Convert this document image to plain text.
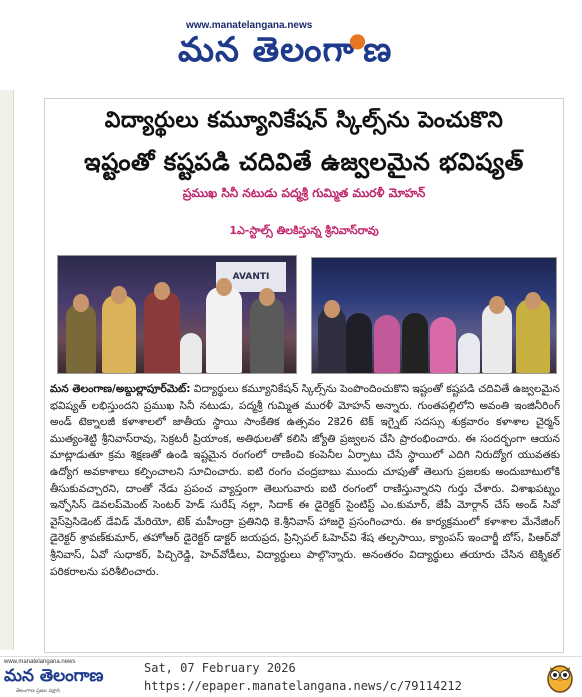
www.manatelangana.news
మన తెలంగా●ణ
విద్యార్థులు కమ్యూనికేషన్ స్కిల్స్‌ను పెంచుకొని
ఇష్టంతో కష్టపడి చదివితే ఉజ్వలమైన భవిష్యత్
ప్రముఖ సినీ నటుడు పద్మశ్రీ గుమ్మిత మురళీ మోహన్
1ఎ-స్టాల్స్ తిలకిస్తున్న శ్రీనివాస్‌రావు
AVANTI
మన తెలంగాణ/అబ్దుల్లాపూర్‌మెట్: విద్యార్థులు కమ్యూనికేషన్ స్కిల్స్‌ను పెంపొందించుకొని ఇష్టంతో కష్టపడి చదివితే ఉజ్వలమైన భవిష్యత్ లభిస్తుందని ప్రముఖ సినీ నటుడు, పద్మశ్రీ గుమ్మిత మురళీ మోహన్ అన్నారు. గుంతపల్లిలోని అవంతి ఇంజినీరింగ్ అండ్ టెక్నాలజీ కళాశాలలో జాతీయ స్థాయి సాంకేతిక ఉత్సవం 2కె26 టెక్ ఇగ్నైట్ సదస్సు శుక్రవారం కళాశాల చైర్మన్ ముత్యంశెట్టి శ్రీనివాస్‌రావు, సెక్రటరీ ప్రియాంక, అతిథులతో కలిసి జ్యోతి ప్రజ్వలన చేసి ప్రారంభించారు. ఈ సందర్భంగా ఆయన మాట్లాడుతూ క్రమ శిక్షణతో ఉండి ఇష్టమైన రంగంలో రాణించి కంపెనీల ఏర్పాటు చేసే స్థాయిలో ఎదిగి నిరుద్యోగ యువతకు ఉద్యోగ అవకాశాలు కల్పించాలని సూచించారు. ఐటి రంగం చంద్రబాబు ముందు చూపుతో తెలుగు ప్రజలకు అందుబాటులోకి తీసుకువచ్చారని, దాంతో నేడు ప్రపంచ వ్యాప్తంగా తెలుగువారు ఐటి రంగంలో రాణిస్తున్నారని గుర్తు చేశారు. విశాఖపట్నం ఇన్ఫోసిస్ డెవలప్‌మెంట్ సెంటర్ హెడ్ సురేష్ నల్లా, సిదాక్ ఈ డైరెక్టర్ సైంటిస్ట్ ఎం.కుమార్, జేపీ మోర్గాన్ చేస్ అండ్ సివో వైస్‌ప్రెసిడెంట్ డేవిడ్ మేరియో, టెక్ మహీంద్రా ప్రతినిధి కె.శ్రీనివాస్ హాజరై ప్రసంగించారు. ఈ కార్యక్రమంలో కళాశాల మేనేజింగ్ డైరెక్టర్ శ్రావణ్‌కుమార్, తహోఆర్ డైరెక్టర్ డాక్టర్ జయప్రద, ప్రిన్సిపల్ ఓహెచ్‌వి శేష తల్పసాయి, క్యాంపస్ ఇంచార్జీ బోస్, పిఆర్‌వో శ్రీనివాస్, ఏవో సుధాకర్, పిచ్చిరెడ్డి, హెచ్‌వోడీలు, విద్యార్థులు పాల్గొన్నారు. అనంతరం విద్యార్థులు తయారు చేసిన టెక్నికల్ పరికరాలను పరిశీలించారు.
www.manatelangana.news
మన తెలంగాణ
తెలంగాణ ప్రజల పక్షాన
Sat, 07 February 2026
https://epaper.manatelangana.news/c/79114212
